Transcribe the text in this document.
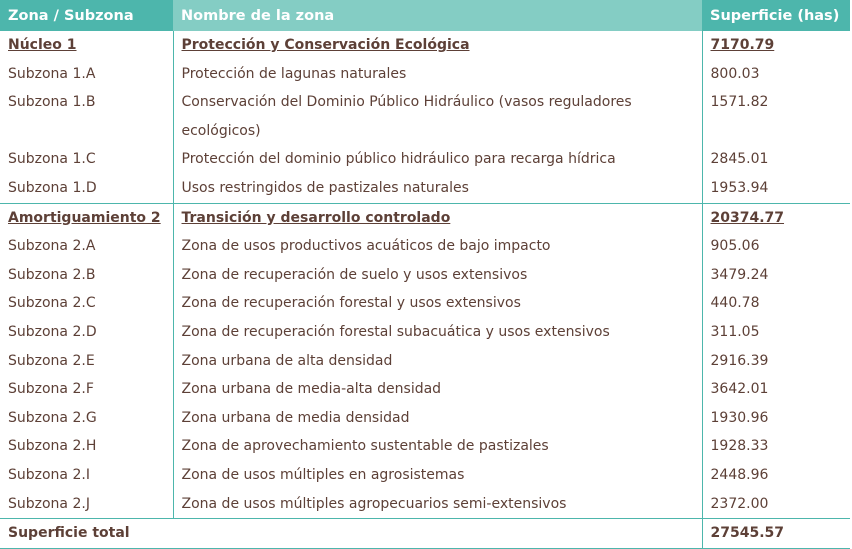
Zona / Subzona	Nombre de la zona	Superficie (has)
Núcleo 1	Protección y Conservación Ecológica	7170.79
Subzona 1.A	Protección de lagunas naturales	800.03
Subzona 1.B	Conservación del Dominio Público Hidráulico (vasos reguladores ecológicos)	1571.82
Subzona 1.C	Protección del dominio público hidráulico para recarga hídrica	2845.01
Subzona 1.D	Usos restringidos de pastizales naturales	1953.94
Amortiguamiento 2	Transición y desarrollo controlado	20374.77
Subzona 2.A	Zona de usos productivos acuáticos de bajo impacto	905.06
Subzona 2.B	Zona de recuperación de suelo y usos extensivos	3479.24
Subzona 2.C	Zona de recuperación forestal y usos extensivos	440.78
Subzona 2.D	Zona de recuperación forestal subacuática y usos extensivos	311.05
Subzona 2.E	Zona urbana de alta densidad	2916.39
Subzona 2.F	Zona urbana de media-alta densidad	3642.01
Subzona 2.G	Zona urbana de media densidad	1930.96
Subzona 2.H	Zona de aprovechamiento sustentable de pastizales	1928.33
Subzona 2.I	Zona de usos múltiples en agrosistemas	2448.96
Subzona 2.J	Zona de usos múltiples agropecuarios semi-extensivos	2372.00
Superficie total		27545.57
